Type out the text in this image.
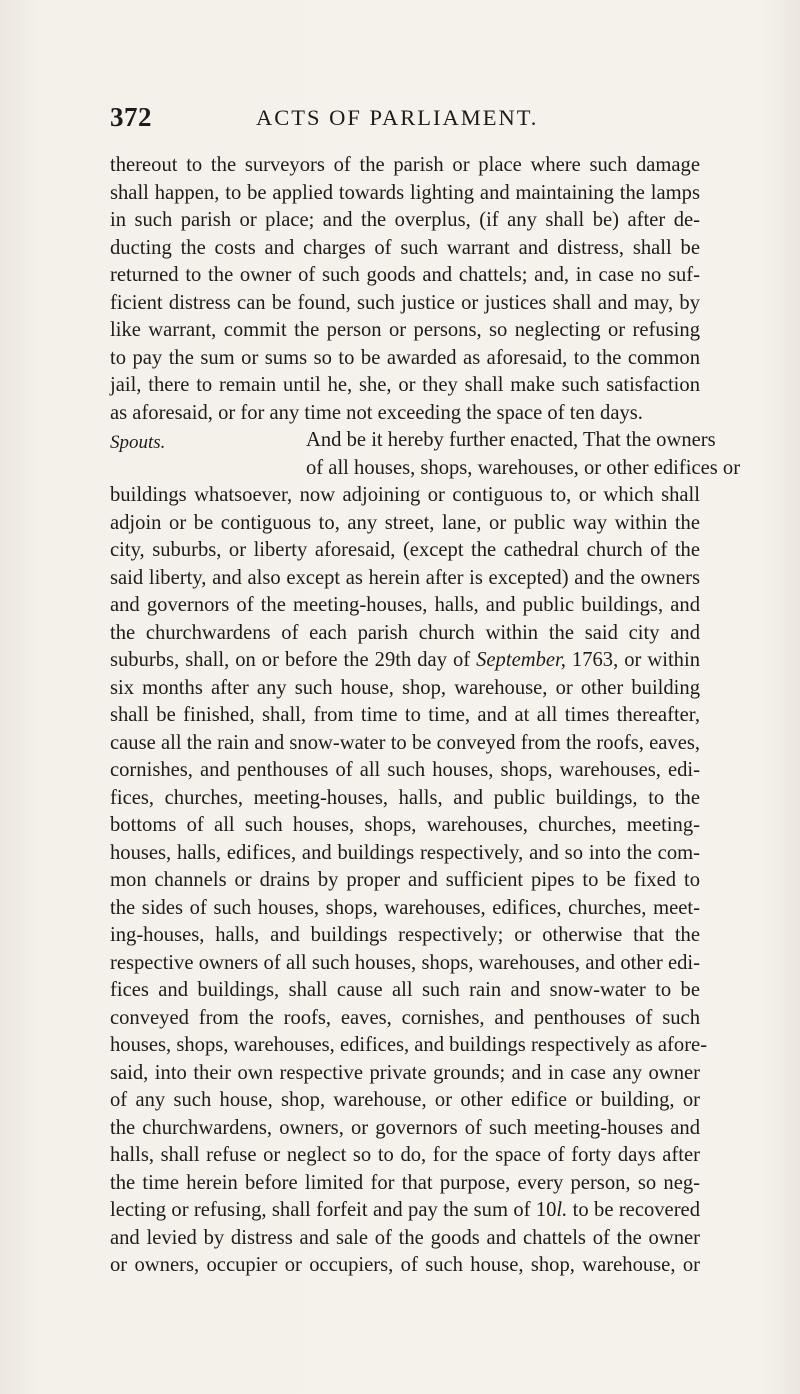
372	ACTS OF PARLIAMENT.
thereout to the surveyors of the parish or place where such damage
shall happen, to be applied towards lighting and maintaining the lamps
in such parish or place; and the overplus, (if any shall be) after de-
ducting the costs and charges of such warrant and distress, shall be
returned to the owner of such goods and chattels; and, in case no suf-
ficient distress can be found, such justice or justices shall and may, by
like warrant, commit the person or persons, so neglecting or refusing
to pay the sum or sums so to be awarded as aforesaid, to the common
jail, there to remain until he, she, or they shall make such satisfaction
as aforesaid, or for any time not exceeding the space of ten days.
Spouts.	And be it hereby further enacted, That the owners
of all houses, shops, warehouses, or other edifices or
buildings whatsoever, now adjoining or contiguous to, or which shall
adjoin or be contiguous to, any street, lane, or public way within the
city, suburbs, or liberty aforesaid, (except the cathedral church of the
said liberty, and also except as herein after is excepted) and the owners
and governors of the meeting-houses, halls, and public buildings, and
the churchwardens of each parish church within the said city and
suburbs, shall, on or before the 29th day of September, 1763, or within
six months after any such house, shop, warehouse, or other building
shall be finished, shall, from time to time, and at all times thereafter,
cause all the rain and snow-water to be conveyed from the roofs, eaves,
cornishes, and penthouses of all such houses, shops, warehouses, edi-
fices, churches, meeting-houses, halls, and public buildings, to the
bottoms of all such houses, shops, warehouses, churches, meeting-
houses, halls, edifices, and buildings respectively, and so into the com-
mon channels or drains by proper and sufficient pipes to be fixed to
the sides of such houses, shops, warehouses, edifices, churches, meet-
ing-houses, halls, and buildings respectively; or otherwise that the
respective owners of all such houses, shops, warehouses, and other edi-
fices and buildings, shall cause all such rain and snow-water to be
conveyed from the roofs, eaves, cornishes, and penthouses of such
houses, shops, warehouses, edifices, and buildings respectively as afore-
said, into their own respective private grounds; and in case any owner
of any such house, shop, warehouse, or other edifice or building, or
the churchwardens, owners, or governors of such meeting-houses and
halls, shall refuse or neglect so to do, for the space of forty days after
the time herein before limited for that purpose, every person, so neg-
lecting or refusing, shall forfeit and pay the sum of 10l. to be recovered
and levied by distress and sale of the goods and chattels of the owner
or owners, occupier or occupiers, of such house, shop, warehouse, or
